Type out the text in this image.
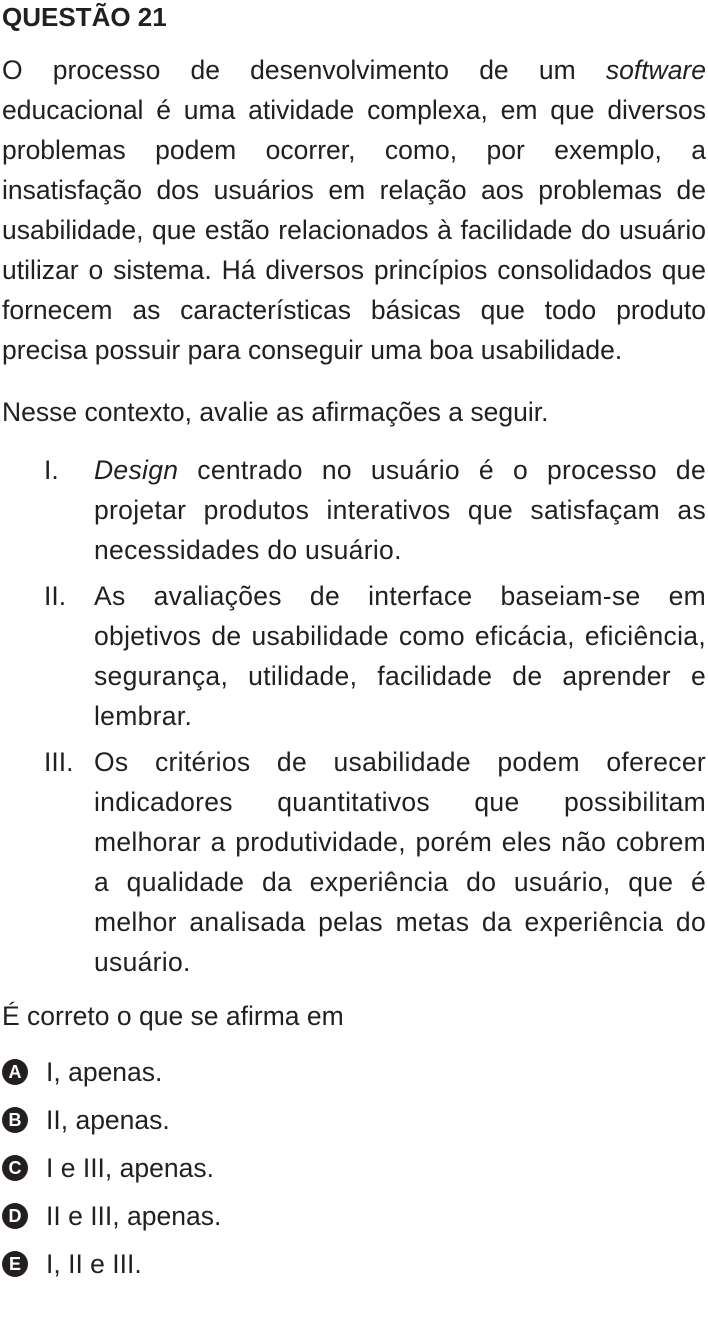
QUESTÃO 21

O processo de desenvolvimento de um software educacional é uma atividade complexa, em que diversos problemas podem ocorrer, como, por exemplo, a insatisfação dos usuários em relação aos problemas de usabilidade, que estão relacionados à facilidade do usuário utilizar o sistema. Há diversos princípios consolidados que fornecem as características básicas que todo produto precisa possuir para conseguir uma boa usabilidade.

Nesse contexto, avalie as afirmações a seguir.

I.	Design centrado no usuário é o processo de projetar produtos interativos que satisfaçam as necessidades do usuário.
II.	As avaliações de interface baseiam-se em objetivos de usabilidade como eficácia, eficiência, segurança, utilidade, facilidade de aprender e lembrar.
III. Os critérios de usabilidade podem oferecer indicadores quantitativos que possibilitam melhorar a produtividade, porém eles não cobrem a qualidade da experiência do usuário, que é melhor analisada pelas metas da experiência do usuário.

É correto o que se afirma em

A I, apenas.
B II, apenas.
C I e III, apenas.
D II e III, apenas.
E I, II e III.
